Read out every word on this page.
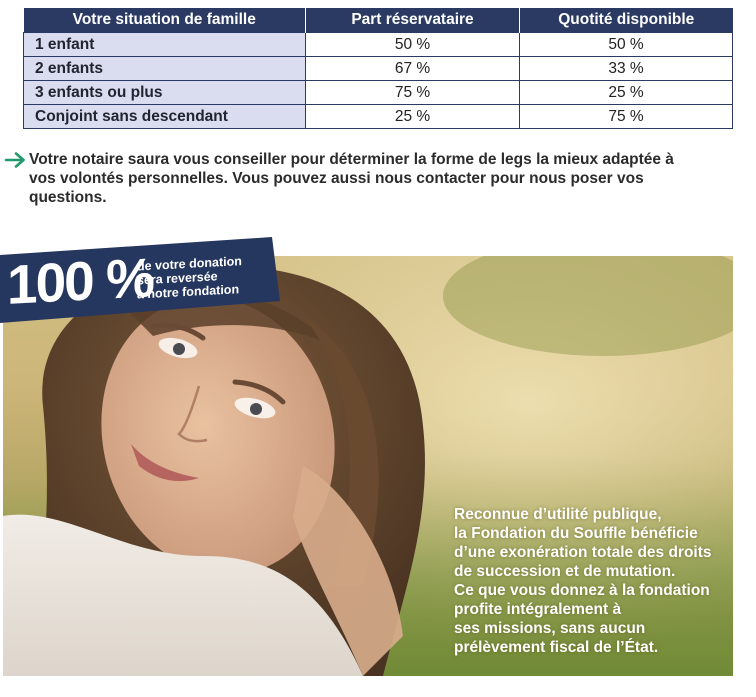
Votre situation de famille	Part réservataire	Quotité disponible
1 enfant	50 %	50 %
2 enfants	67 %	33 %
3 enfants ou plus	75 %	25 %
Conjoint sans descendant	25 %	75 %

Votre notaire saura vous conseiller pour déterminer la forme de legs la mieux adaptée à vos volontés personnelles. Vous pouvez aussi nous contacter pour nous poser vos questions.

Reconnue d’utilité publique,
la Fondation du Souffle bénéficie
d’une exonération totale des droits
de succession et de mutation.
Ce que vous donnez à la fondation
profite intégralement à
ses missions, sans aucun
prélèvement fiscal de l’État.

100 %
de votre donation
sera reversée
à notre fondation
